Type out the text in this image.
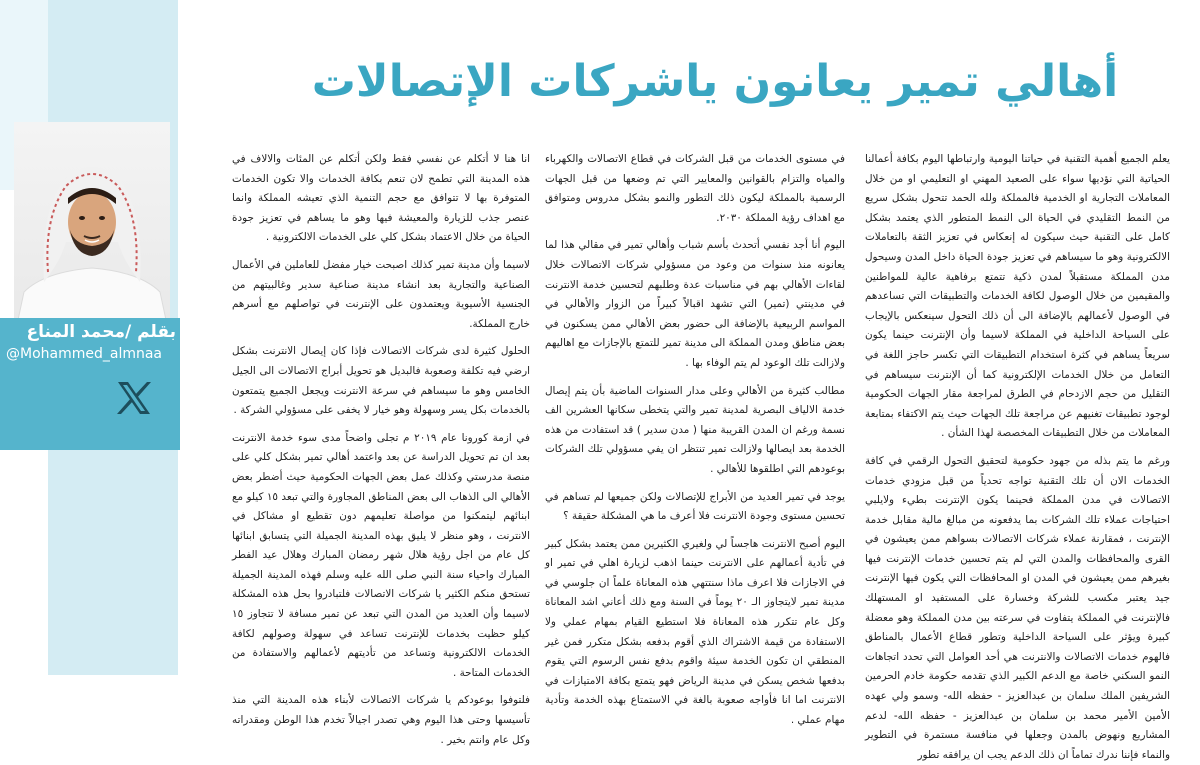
بقلم /محمد المناع
@Mohammed_almnaa
أهالي تمير يعانون ياشركات الإتصالات

يعلم الجميع أهمية التقنية في حياتنا اليومية وارتباطها اليوم بكافة أعمالنا الحياتية التي نؤديها سواء على الصعيد المهني او التعليمي او من خلال المعاملات التجارية او الخدمية فالمملكة ولله الحمد تتحول بشكل سريع من النمط التقليدي في الحياة الى النمط المتطور الذي يعتمد بشكل كامل على التقنية حيث سيكون له إنعكاس في تعزيز الثقة بالتعاملات الالكترونية وهو ما سيساهم في تعزيز جودة الحياة داخل المدن وسيحول مدن المملكة مستقبلاً لمدن ذكية تتمتع برفاهية عالية للمواطنين والمقيمين من خلال الوصول لكافة الخدمات والتطبيقات التي تساعدهم في الوصول لأعمالهم بالإضافة الى أن ذلك التحول سينعكس بالإيجاب على السياحة الداخلية في المملكة لاسيما وأن الإنترنت حينما يكون سريعاً يساهم في كثرة استخدام التطبيقات التي تكسر حاجز اللغة في التعامل من خلال الخدمات الإلكترونية كما أن الإنترنت سيساهم في التقليل من حجم الازدحام في الطرق لمراجعة مقار الجهات الحكومية لوجود تطبيقات تغنيهم عن مراجعة تلك الجهات حيث يتم الاكتفاء بمتابعة المعاملات من خلال التطبيقات المخصصة لهذا الشأن .

ورغم ما يتم بذله من جهود حكومية لتحقيق التحول الرقمي في كافة الخدمات الان أن تلك التقنية تواجه تحدياً من قبل مزودي خدمات الاتصالات في مدن المملكة فحينما يكون الإنترنت بطيء ولايلبي احتياجات عملاء تلك الشركات بما يدفعونه من مبالغ مالية مقابل خدمة الإنترنت ، فمقارنة عملاء شركات الاتصالات بسواهم ممن يعيشون في القرى والمحافظات والمدن التي لم يتم تحسين خدمات الإنترنت فيها بغيرهم ممن يعيشون في المدن او المحافظات التي يكون فيها الإنترنت جيد يعتبر مكسب للشركة وخسارة على المستفيد او المستهلك فالإنترنت في المملكة يتفاوت في سرعته بين مدن المملكة وهو معضلة كبيرة ويؤثر على السياحة الداخلية وتطور قطاع الأعمال بالمناطق فالهوم خدمات الاتصالات والانترنت هي أحد العوامل التي تحدد اتجاهات النمو السكني خاصة مع الدعم الكبير الذي تقدمه حكومة خادم الحرمين الشريفين الملك سلمان بن عبدالعزيز - حفظه الله- وسمو ولي عهده الأمين الأمير محمد بن سلمان بن عبدالعزيز - حفظه الله- لدعم المشاريع ونهوض بالمدن وجعلها في منافسة مستمرة في التطوير والنماء فإننا ندرك تماماً ان ذلك الدعم يجب ان يرافقه تطور

في مستوى الخدمات من قبل الشركات في قطاع الاتصالات والكهرباء والمياه والتزام بالقوانين والمعايير التي تم وضعها من قبل الجهات الرسمية بالمملكة ليكون ذلك التطور والنمو بشكل مدروس ومتوافق مع اهداف رؤية المملكة ٢٠٣٠.

اليوم أنا أجد نفسي أتحدث بأسم شباب وأهالي تمير في مقالي هذا لما يعانونه منذ سنوات من وعود من مسؤولي شركات الاتصالات خلال لقاءات الأهالي بهم في مناسبات عدة وطلبهم لتحسين خدمة الانترنت في مدينتي (تمير) التي تشهد اقبالاً كبيراً من الزوار والأهالي في المواسم الربيعية بالإضافة الى حضور بعض الأهالي ممن يسكنون في بعض مناطق ومدن المملكة الى مدينة تمير للتمتع بالإجازات مع اهاليهم ولازالت تلك الوعود لم يتم الوفاء بها .

مطالب كثيرة من الأهالي وعلى مدار السنوات الماضية بأن يتم إيصال خدمة الالياف البصرية لمدينة تمير والتي يتخطى سكانها العشرين الف نسمة ورغم ان المدن القريبة منها ( مدن سدير ) قد استفادت من هذه الخدمة بعد ايصالها ولازالت تمير تنتظر ان يفي مسؤولي تلك الشركات بوعودهم التي اطلقوها للأهالي .

يوجد في تمير العديد من الأبراج للإتصالات ولكن جميعها لم تساهم في تحسين مستوى وجودة الانترنت فلا أعرف ما هي المشكلة حقيقة ؟

اليوم أصبح الانترنت هاجساً لي ولغيري الكثيرين ممن يعتمد بشكل كبير في تأدية أعمالهم على الانترنت حينما اذهب لزيارة اهلي في تمير او في الاجازات فلا اعرف ماذا سنتتهي هذه المعاناة علماً ان جلوسي في مدينة تمير لايتجاوز الـ ٢٠ يوماً في السنة ومع ذلك أعاني اشد المعاناة وكل عام تتكرر هذه المعاناة فلا استطيع القيام بمهام عملي ولا الاستفادة من قيمة الاشتراك الذي أقوم بدفعه بشكل متكرر فمن غير المنطقي ان تكون الخدمة سيئة واقوم بدفع نفس الرسوم التي يقوم بدفعها شخص يسكن في مدينة الرياض فهو يتمتع بكافة الامتيازات في الانترنت اما انا فأواجه صعوبة بالغة في الاستمتاع بهذه الخدمة وتأدية مهام عملي .

انا هنا لا أتكلم عن نفسي فقط ولكن أتكلم عن المئات والالاف في هذه المدينة التي تطمح لان تنعم بكافة الخدمات والا تكون الخدمات المتوفرة بها لا تتوافق مع حجم التنمية الذي تعيشه المملكة وانما عنصر جذب للزيارة والمعيشة فيها وهو ما يساهم في تعزيز جودة الحياة من خلال الاعتماد بشكل كلي على الخدمات الالكترونية .

لاسيما وأن مدينة تمير كذلك اصبحت خيار مفضل للعاملين في الأعمال الصناعية والتجارية بعد انشاء مدينة صناعية سدير وغالبيتهم من الجنسية الأسيوية ويعتمدون على الإنترنت في تواصلهم مع أسرهم خارج المملكة.

الحلول كثيرة لدى شركات الاتصالات فإذا كان إيصال الانترنت بشكل ارضي فيه تكلفة وصعوبة فالبديل هو تحويل أبراج الاتصالات الى الجيل الخامس وهو ما سيساهم في سرعة الانترنت ويجعل الجميع يتمتعون بالخدمات بكل يسر وسهولة وهو خيار لا يخفى على مسؤولي الشركة .

في ازمة كورونا عام ٢٠١٩ م تجلى واضحاً مدى سوء خدمة الانترنت بعد ان تم تحويل الدراسة عن بعد واعتمد أهالي تمير بشكل كلي على منصة مدرستي وكذلك عمل بعض الجهات الحكومية حيث أضطر بعض الأهالي الى الذهاب الى بعض المناطق المجاورة والتي تبعد ١٥ كيلو مع ابنائهم ليتمكنوا من مواصلة تعليمهم دون تقطيع او مشاكل في الانترنت ، وهو منظر لا يليق بهذه المدينة الجميلة التي يتسابق ابنائها كل عام من اجل رؤية هلال شهر رمضان المبارك وهلال عيد الفطر المبارك واحياء سنة النبي صلى الله عليه وسلم فهذه المدينة الجميلة تستحق منكم الكثير يا شركات الاتصالات فلتبادروا بحل هذه المشكلة لاسيما وأن العديد من المدن التي تبعد عن تمير مسافة لا تتجاوز ١٥ كيلو حظيت بخدمات للإنترنت تساعد في سهولة وصولهم لكافة الخدمات الالكترونية وتساعد من تأديتهم لأعمالهم والاستفادة من الخدمات المتاحة .

فلتوفوا بوعودكم يا شركات الاتصالات لأبناء هذه المدينة التي منذ تأسيسها وحتى هذا اليوم وهي تصدر اجيالاً تخدم هذا الوطن ومقدراته وكل عام وانتم بخير .
